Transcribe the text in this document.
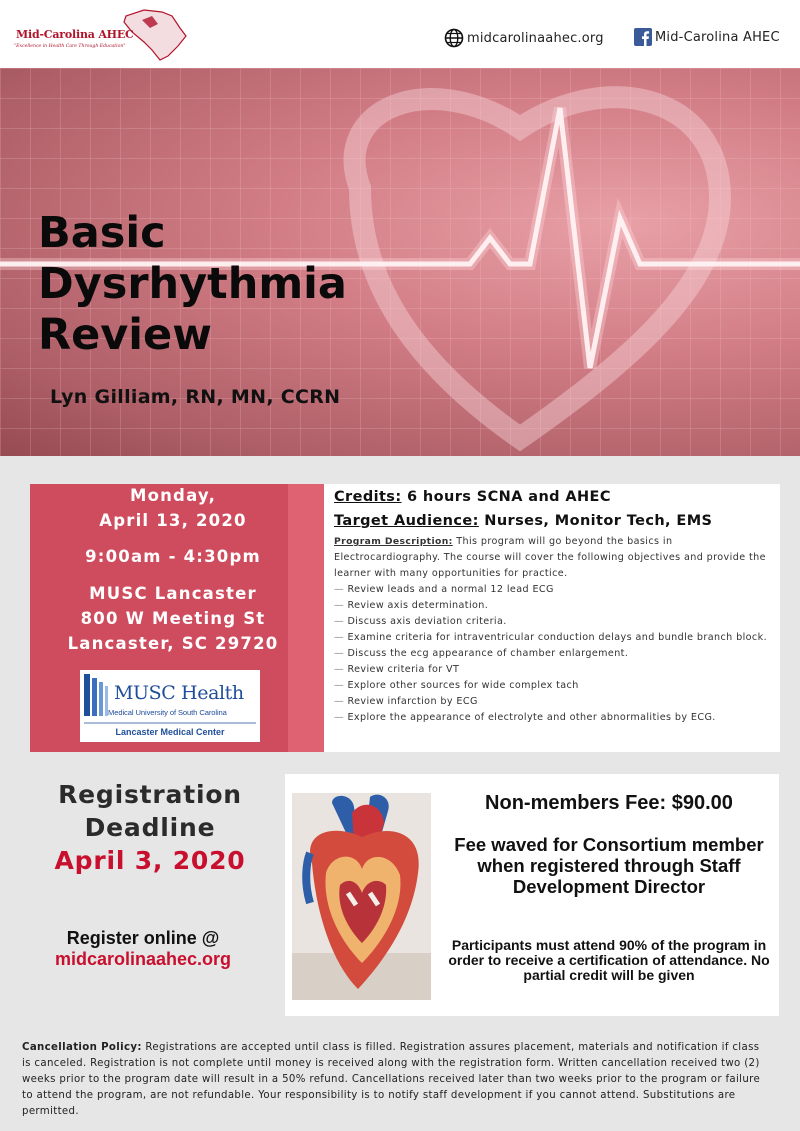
Mid-Carolina AHEC
"Excellence in Health Care Through Education"
midcarolinaahec.org	Mid-Carolina AHEC
Basic
Dysrhythmia
Review
Lyn Gilliam, RN, MN, CCRN
Monday,
April 13, 2020
9:00am - 4:30pm
MUSC Lancaster
800 W Meeting St
Lancaster, SC 29720
MUSC Health
Medical University of South Carolina
Lancaster Medical Center
Credits: 6 hours SCNA and AHEC
Target Audience: Nurses, Monitor Tech, EMS
Program Description: This program will go beyond the basics in Electrocardiography. The course will cover the following objectives and provide the learner with many opportunities for practice.
— Review leads and a normal 12 lead ECG
— Review axis determination.
— Discuss axis deviation criteria.
— Examine criteria for intraventricular conduction delays and bundle branch block.
— Discuss the ecg appearance of chamber enlargement.
— Review criteria for VT
— Explore other sources for wide complex tach
— Review infarction by ECG
— Explore the appearance of electrolyte and other abnormalities by ECG.
Registration
Deadline
April 3, 2020
Register online @
midcarolinaahec.org
Non-members Fee: $90.00
Fee waved for Consortium member when registered through Staff Development Director
Participants must attend 90% of the program in order to receive a certification of attendance. No partial credit will be given
Cancellation Policy: Registrations are accepted until class is filled. Registration assures placement, materials and notification if class is canceled. Registration is not complete until money is received along with the registration form. Written cancellation received two (2) weeks prior to the program date will result in a 50% refund. Cancellations received later than two weeks prior to the program or failure to attend the program, are not refundable. Your responsibility is to notify staff development if you cannot attend. Substitutions are permitted.
